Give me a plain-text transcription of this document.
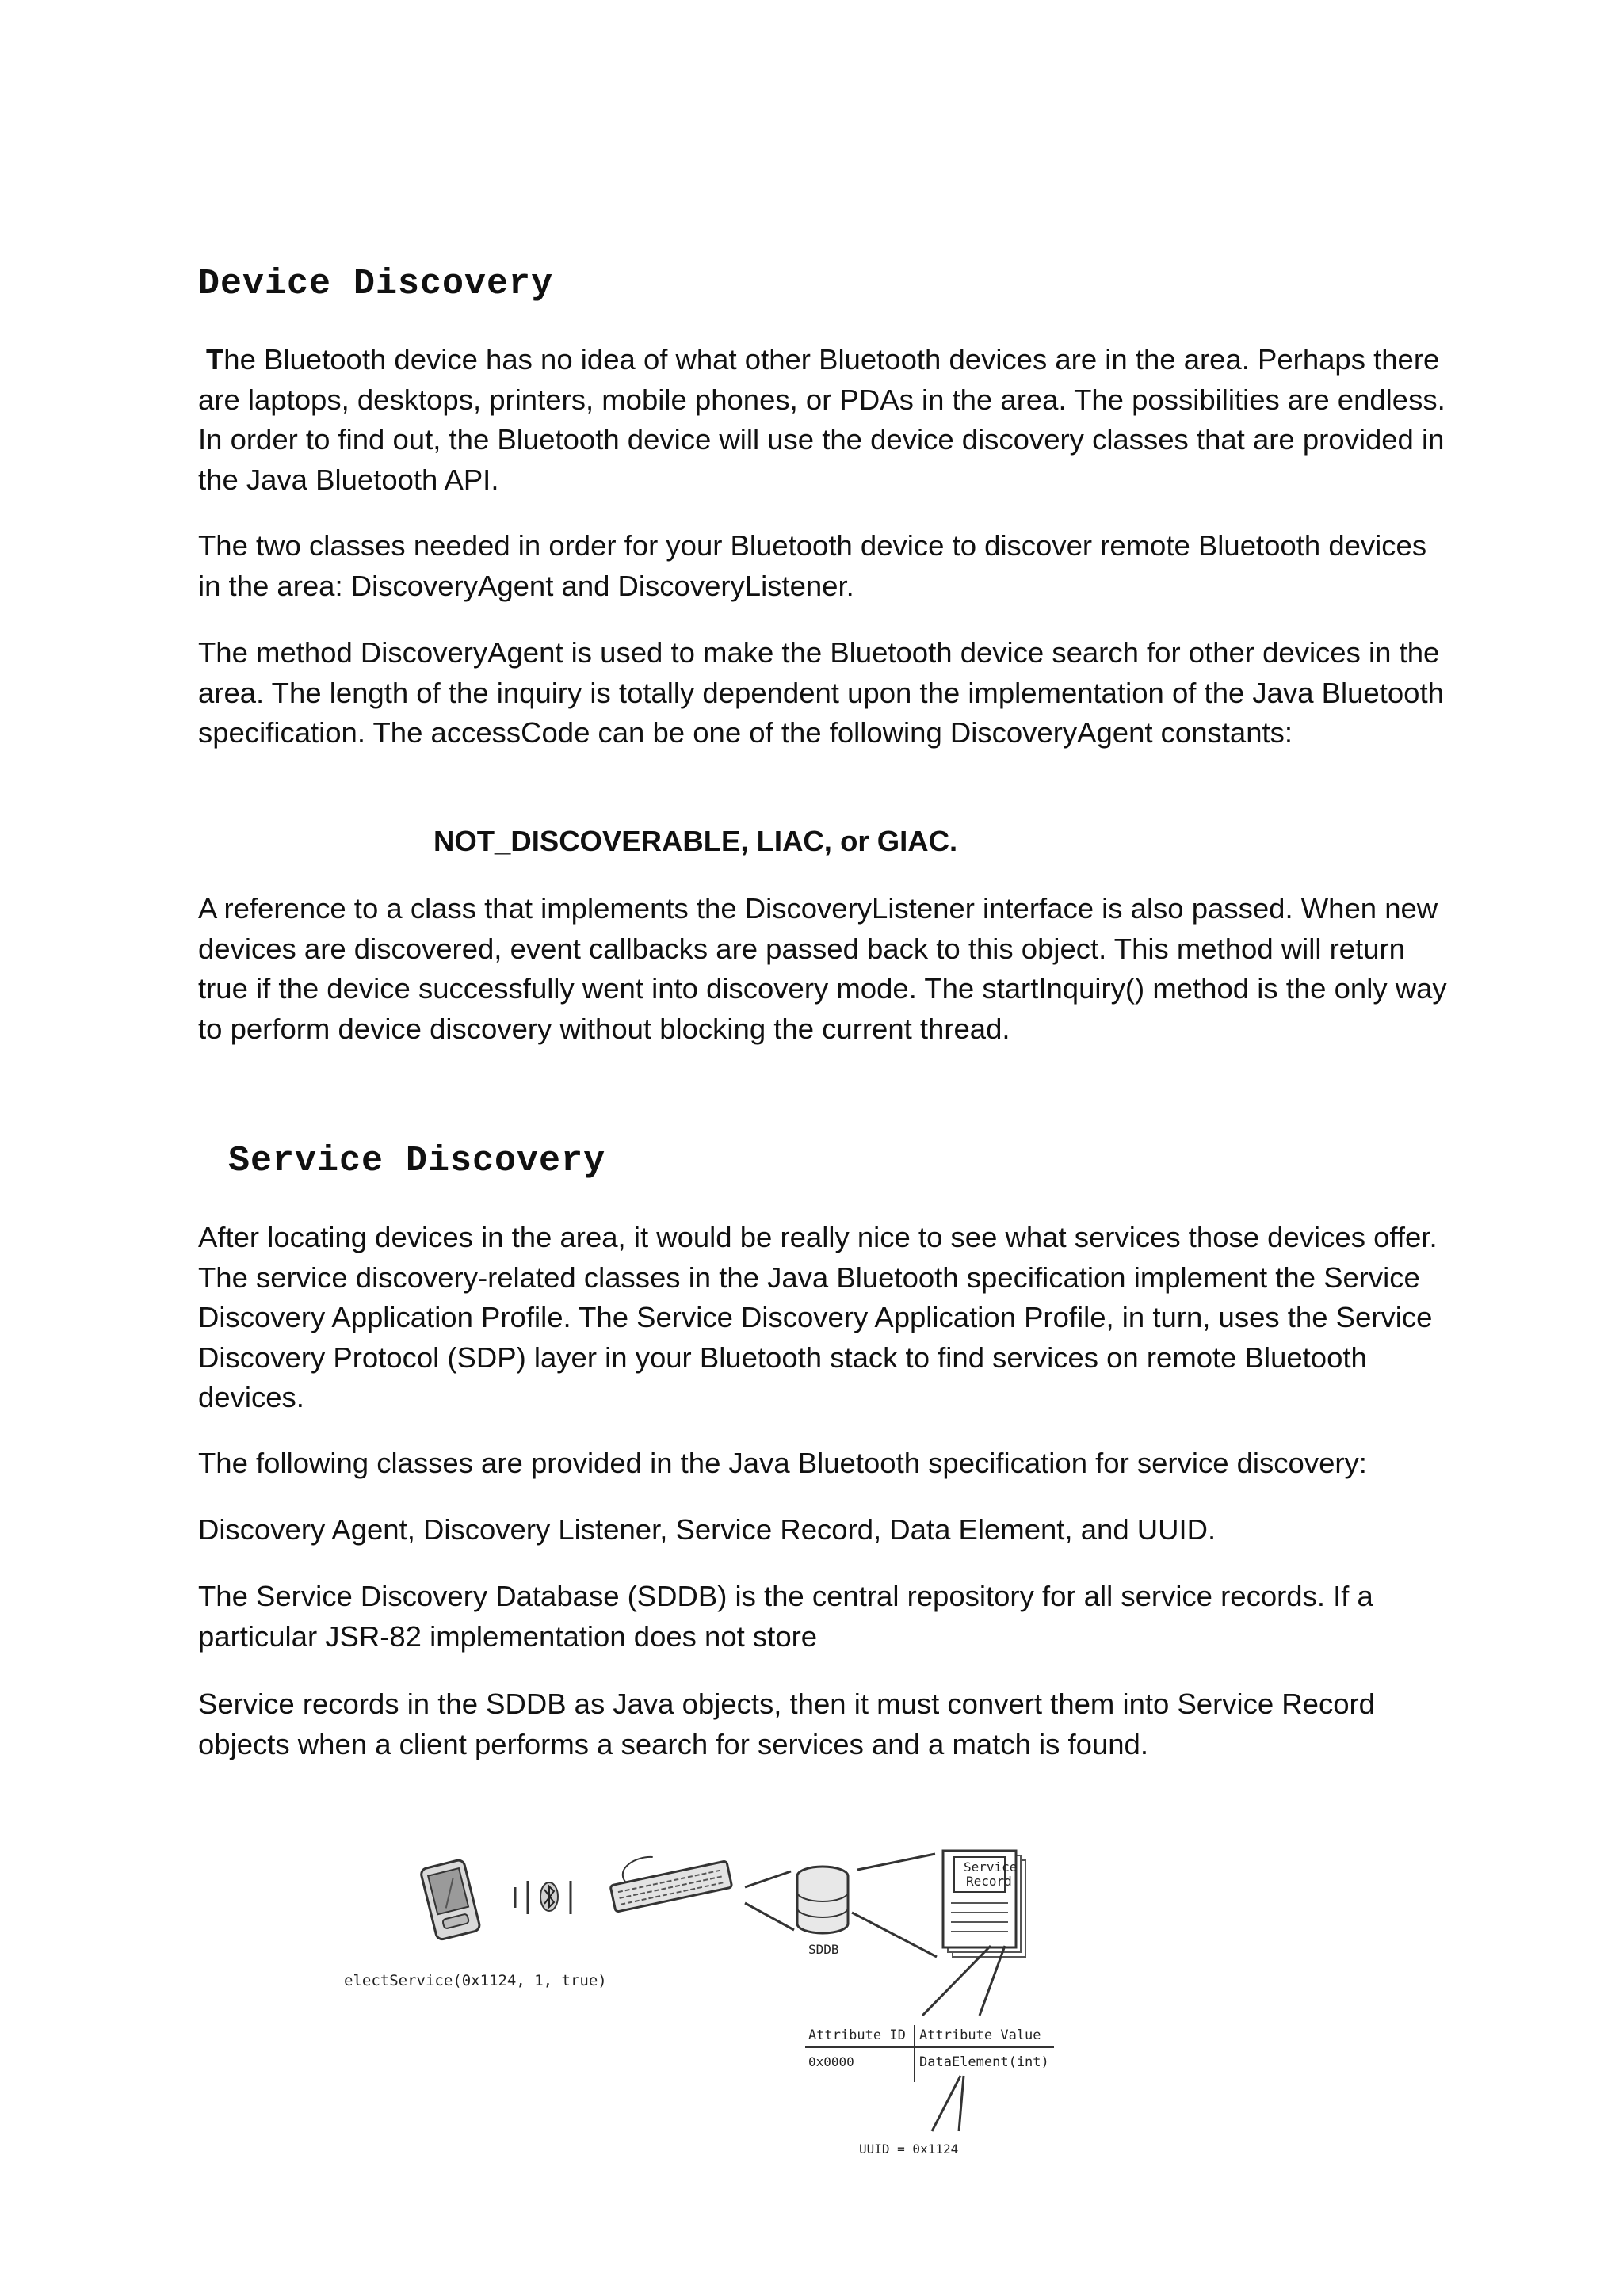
Device Discovery

The Bluetooth device has no idea of what other Bluetooth devices are in the area. Perhaps there are laptops, desktops, printers, mobile phones, or PDAs in the area. The possibilities are endless. In order to find out, the Bluetooth device will use the device discovery classes that are provided in the Java Bluetooth API.

The two classes needed in order for your Bluetooth device to discover remote Bluetooth devices in the area: DiscoveryAgent and DiscoveryListener.

The method DiscoveryAgent is used to make the Bluetooth device search for other devices in the area. The length of the inquiry is totally dependent upon the implementation of the Java Bluetooth specification. The accessCode can be one of the following DiscoveryAgent constants:

NOT_DISCOVERABLE, LIAC, or GIAC.

A reference to a class that implements the DiscoveryListener interface is also passed. When new devices are discovered, event callbacks are passed back to this object. This method will return true if the device successfully went into discovery mode. The startInquiry() method is the only way to perform device discovery without blocking the current thread.

Service Discovery

After locating devices in the area, it would be really nice to see what services those devices offer. The service discovery-related classes in the Java Bluetooth specification implement the Service Discovery Application Profile. The Service Discovery Application Profile, in turn, uses the Service Discovery Protocol (SDP) layer in your Bluetooth stack to find services on remote Bluetooth devices.

The following classes are provided in the Java Bluetooth specification for service discovery:

Discovery Agent, Discovery Listener, Service Record, Data Element, and UUID.

The Service Discovery Database (SDDB) is the central repository for all service records. If a particular JSR-82 implementation does not store

Service records in the SDDB as Java objects, then it must convert them into Service Record objects when a client performs a search for services and a match is found.

SDDB
Service
Record
electService(0x1124, 1, true)
Attribute ID Attribute Value
0x0000	DataElement(int)
UUID = 0x1124
